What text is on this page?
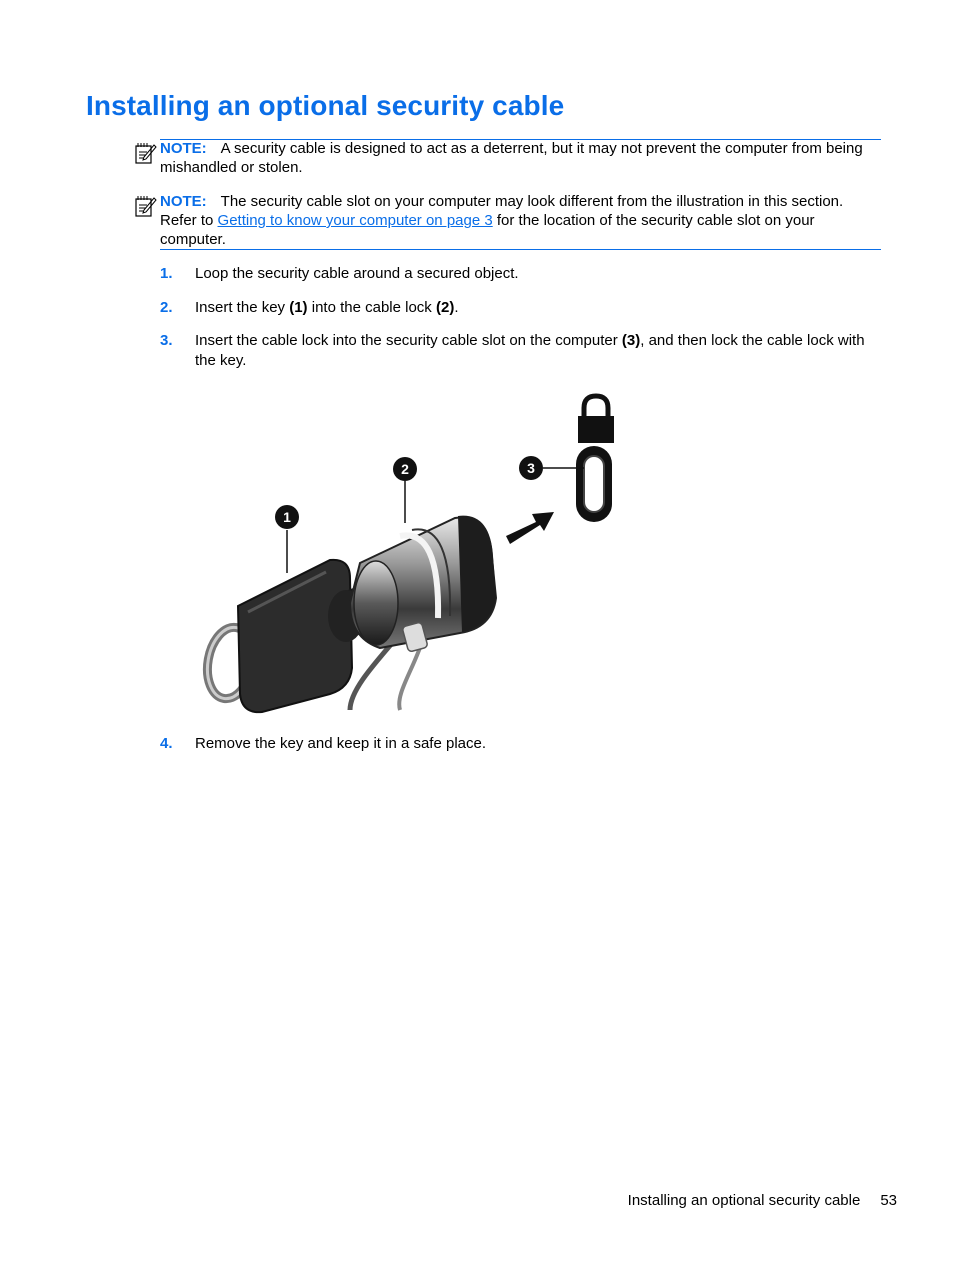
Installing an optional security cable
NOTE: A security cable is designed to act as a deterrent, but it may not prevent the computer from being mishandled or stolen.
NOTE: The security cable slot on your computer may look different from the illustration in this section. Refer to Getting to know your computer on page 3 for the location of the security cable slot on your computer.
1. Loop the security cable around a secured object.
2. Insert the key (1) into the cable lock (2).
3. Insert the cable lock into the security cable slot on the computer (3), and then lock the cable lock with the key.
1
2	3
4. Remove the key and keep it in a safe place.
Installing an optional security cable 53
